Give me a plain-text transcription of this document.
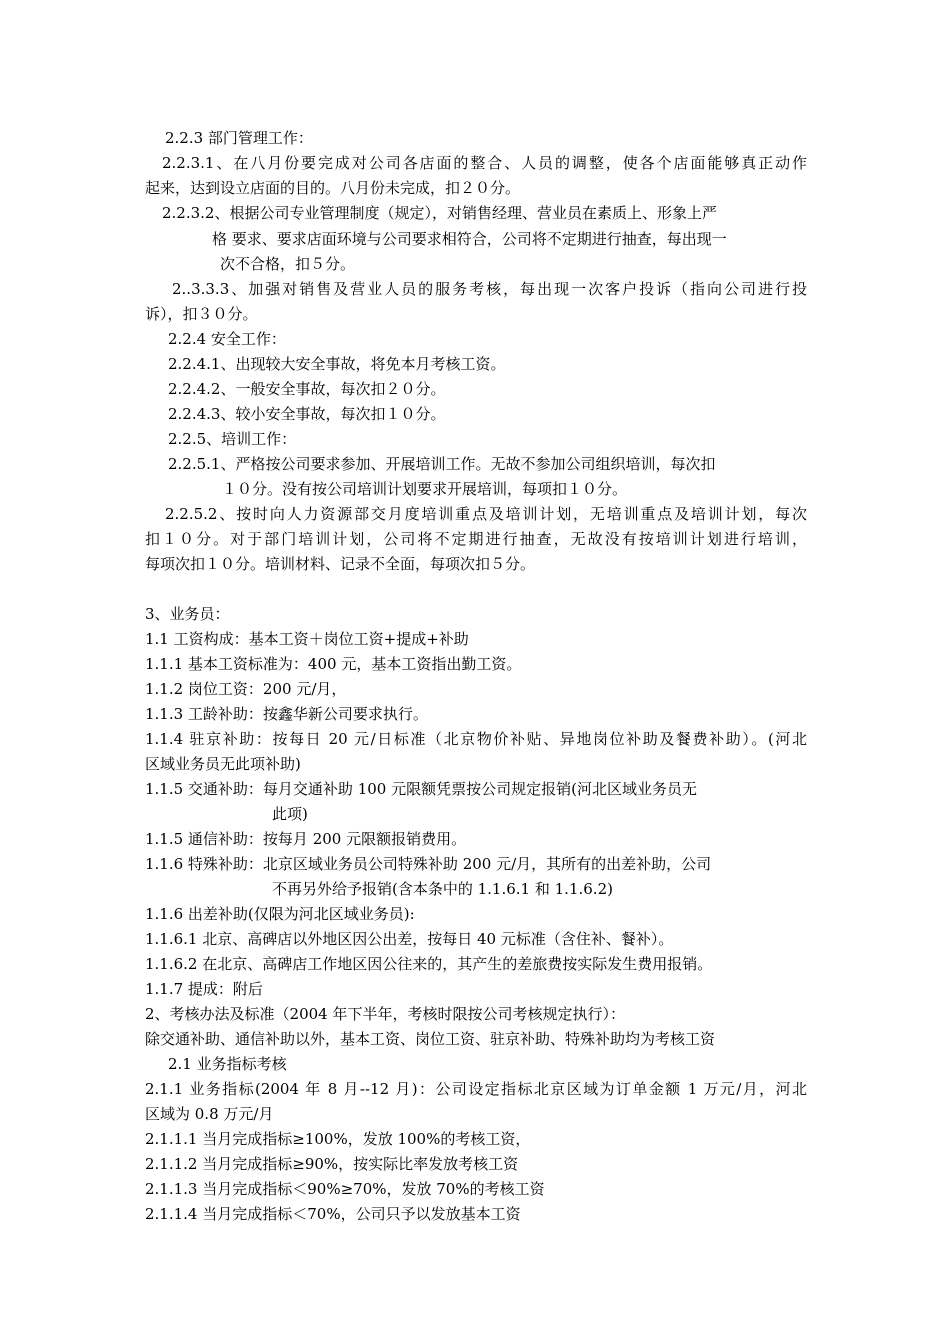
2.2.3 部门管理工作：
2.2.3.1、在八月份要完成对公司各店面的整合、人员的调整，使各个店面能够真正动作
起来，达到设立店面的目的。八月份未完成，扣２０分。
2.2.3.2、根据公司专业管理制度（规定），对销售经理、营业员在素质上、形象上严
格 要求、要求店面环境与公司要求相符合，公司将不定期进行抽查，每出现一
次不合格，扣５分。
2..3.3.3、加强对销售及营业人员的服务考核，每出现一次客户投诉（指向公司进行投
诉），扣３０分。
2.2.4 安全工作：
2.2.4.1、出现较大安全事故，将免本月考核工资。
2.2.4.2、一般安全事故，每次扣２０分。
2.2.4.3、较小安全事故，每次扣１０分。
2.2.5、培训工作：
2.2.5.1、严格按公司要求参加、开展培训工作。无故不参加公司组织培训，每次扣
１０分。没有按公司培训计划要求开展培训，每项扣１０分。
2.2.5.2、按时向人力资源部交月度培训重点及培训计划，无培训重点及培训计划，每次
扣１０分。对于部门培训计划，公司将不定期进行抽查，无故没有按培训计划进行培训，
每项次扣１０分。培训材料、记录不全面，每项次扣５分。
3、业务员：
1.1 工资构成：基本工资＋岗位工资+提成+补助
1.1.1 基本工资标准为：400 元，基本工资指出勤工资。
1.1.2 岗位工资：200 元/月，
1.1.3 工龄补助：按鑫华新公司要求执行。
1.1.4 驻京补助：按每日 20 元/日标准（北京物价补贴、异地岗位补助及餐费补助）。(河北
区域业务员无此项补助)
1.1.5 交通补助：每月交通补助 100 元限额凭票按公司规定报销(河北区域业务员无
此项)
1.1.5 通信补助：按每月 200 元限额报销费用。
1.1.6 特殊补助：北京区域业务员公司特殊补助 200 元/月，其所有的出差补助，公司
不再另外给予报销(含本条中的 1.1.6.1 和 1.1.6.2)
1.1.6 出差补助(仅限为河北区域业务员):
1.1.6.1 北京、高碑店以外地区因公出差，按每日 40 元标准（含住补、餐补）。
1.1.6.2 在北京、高碑店工作地区因公往来的，其产生的差旅费按实际发生费用报销。
1.1.7 提成：附后
2、考核办法及标准（2004 年下半年，考核时限按公司考核规定执行）：
除交通补助、通信补助以外，基本工资、岗位工资、驻京补助、特殊补助均为考核工资
2.1 业务指标考核
2.1.1 业务指标(2004 年 8 月--12 月)：公司设定指标北京区域为订单金额 1 万元/月，河北
区域为 0.8 万元/月
2.1.1.1 当月完成指标≥100%，发放 100%的考核工资，
2.1.1.2 当月完成指标≥90%，按实际比率发放考核工资
2.1.1.3 当月完成指标＜90%≥70%，发放 70%的考核工资
2.1.1.4 当月完成指标＜70%，公司只予以发放基本工资
